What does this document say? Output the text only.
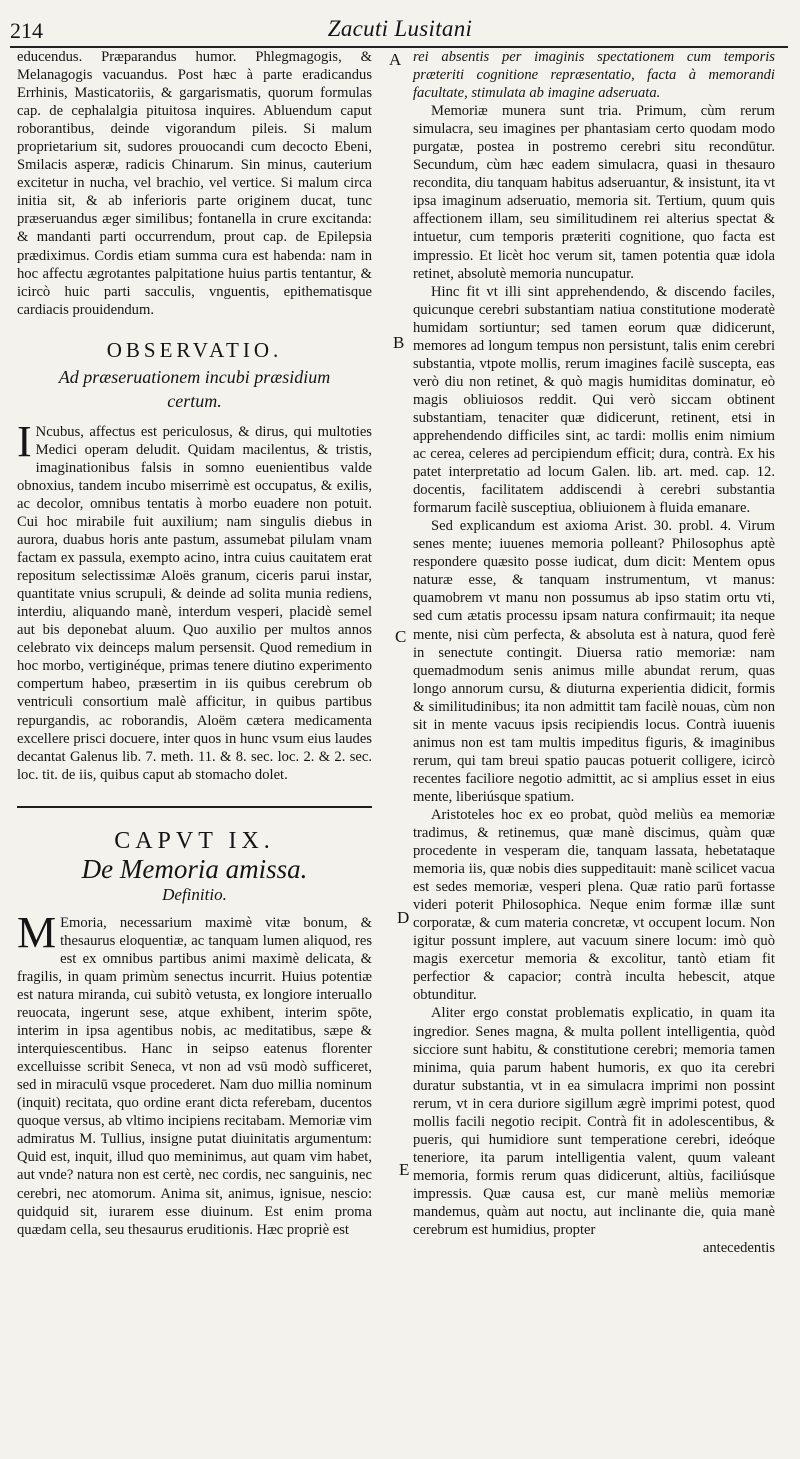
214	Zacuti Lusitani

educendus. Præparandus humor. Phlegmagogis, & Melanagogis vacuandus. Post hæc à parte eradicandus Errhinis, Masticatoriis, & gargarismatis, quorum formulas cap. de cephalalgia pituitosa inquires. Abluendum caput roborantibus, deinde vigorandum pileis. Si malum proprietarium sit, sudores prouocandi cum decocto Ebeni, Smilacis asperæ, radicis Chinarum. Sin minus, cauterium excitetur in nucha, vel brachio, vel vertice. Si malum circa initia sit, & ab inferioris parte originem ducat, tunc præseruandus æger similibus; fontanella in crure excitanda: & mandanti parti occurrendum, prout cap. de Epilepsia prædiximus. Cordis etiam summa cura est habenda: nam in hoc affectu ægrotantes palpitatione huius partis tentantur, & icircò huic parti sacculis, vnguentis, epithematisque cardiacis prouidendum.

OBSERVATIO.
Ad præseruationem incubi præsidium certum.

INcubus, affectus est periculosus, & dirus, qui multoties Medici operam deludit. Quidam macilentus, & tristis, imaginationibus falsis in somno euenientibus valde obnoxius, tandem incubo miserrimè est occupatus, & exilis, ac decolor, omnibus tentatis à morbo euadere non potuit. Cui hoc mirabile fuit auxilium; nam singulis diebus in aurora, duabus horis ante pastum, assumebat pilulam vnam factam ex passula, exempto acino, intra cuius cauitatem erat repositum selectissimæ Aloës granum, ciceris parui instar, quantitate vnius scrupuli, & deinde ad solita munia rediens, interdiu, aliquando manè, interdum vesperi, placidè semel aut bis deponebat aluum. Quo auxilio per multos annos celebrato vix deinceps malum persensit. Quod remedium in hoc morbo, vertiginéque, primas tenere diutino experimento compertum habeo, præsertim in iis quibus cerebrum ob ventriculi consortium malè afficitur, in quibus partibus repurgandis, ac roborandis, Aloëm cætera medicamenta excellere prisci docuere, inter quos in hunc vsum eius laudes decantat Galenus lib. 7. meth. 11. & 8. sec. loc. 2. & 2. sec. loc. tit. de iis, quibus caput ab stomacho dolet.

CAPVT IX.
De Memoria amissa.
Definitio.

MEmoria, necessarium maximè vitæ bonum, & thesaurus eloquentiæ, ac tanquam lumen aliquod, res est ex omnibus partibus animi maximè delicata, & fragilis, in quam primùm senectus incurrit. Huius potentiæ est natura miranda, cui subitò vetusta, ex longiore interuallo reuocata, ingerunt sese, atque exhibent, interim spōte, interim in ipsa agentibus nobis, ac meditatibus, sæpe & interquiescentibus. Hanc in seipso eatenus florenter excelluisse scribit Seneca, vt non ad vsū modò sufficeret, sed in miraculū vsque procederet. Nam duo millia nominum (inquit) recitata, quo ordine erant dicta referebam, ducentos quoque versus, ab vltimo incipiens recitabam. Memoriæ vim admiratus M. Tullius, insigne putat diuinitatis argumentum: Quid est, inquit, illud quo meminimus, aut quam vim habet, aut vnde? natura non est certè, nec cordis, nec sanguinis, nec cerebri, nec atomorum. Anima sit, animus, ignisue, nescio: quidquid sit, iurarem esse diuinum. Est enim proma quædam cella, seu thesaurus eruditionis. Hæc propriè est

A
B
C
D
E

rei absentis per imaginis spectationem cum temporis præteriti cognitione repræsentatio, facta à memorandi facultate, stimulata ab imagine adseruata.

Memoriæ munera sunt tria. Primum, cùm rerum simulacra, seu imagines per phantasiam certo quodam modo purgatæ, postea in postremo cerebri situ recondūtur. Secundum, cùm hæc eadem simulacra, quasi in thesauro recondita, diu tanquam habitus adseruantur, & insistunt, ita vt ipsa imaginum adseruatio, memoria sit. Tertium, quum quis affectionem illam, seu similitudinem rei alterius spectat & intuetur, cum temporis præteriti cognitione, quo facta est impressio. Et licèt hoc verum sit, tamen potentia quæ idola retinet, absolutè memoria nuncupatur.

Hinc fit vt illi sint apprehendendo, & discendo faciles, quicunque cerebri substantiam natiua constitutione moderatè humidam sortiuntur; sed tamen eorum quæ didicerunt, memores ad longum tempus non persistunt, talis enim cerebri substantia, vtpote mollis, rerum imagines facilè suscepta, eas verò diu non retinet, & quò magis humiditas dominatur, eò magis obliuiosos reddit. Qui verò siccam obtinent substantiam, tenaciter quæ didicerunt, retinent, etsi in apprehendendo difficiles sint, ac tardi: mollis enim nimium ac cerea, celeres ad percipiendum efficit; dura, contrà. Ex his patet interpretatio ad locum Galen. lib. art. med. cap. 12. docentis, facilitatem addiscendi à cerebri substantia formarum facilè susceptiua, obliuionem à fluida emanare.

Sed explicandum est axioma Arist. 30. probl. 4. Virum senes mente; iuuenes memoria polleant? Philosophus aptè respondere quæsito posse iudicat, dum dicit: Mentem opus naturæ esse, & tanquam instrumentum, vt manus: quamobrem vt manu non possumus ab ipso statim ortu vti, sed cum ætatis processu ipsam natura confirmauit; ita neque mente, nisi cùm perfecta, & absoluta est à natura, quod ferè in senectute contingit. Diuersa ratio memoriæ: nam quemadmodum senis animus mille abundat rerum, quas longo annorum cursu, & diuturna experientia didicit, formis & similitudinibus; ita non admittit tam facilè nouas, cùm non sit in mente vacuus ipsis recipiendis locus. Contrà iuuenis animus non est tam multis impeditus figuris, & imaginibus rerum, qui tam breui spatio paucas potuerit colligere, icircò recentes faciliore negotio admittit, ac si amplius esset in eius mente, liberiúsque spatium.

Aristoteles hoc ex eo probat, quòd meliùs ea memoriæ tradimus, & retinemus, quæ manè discimus, quàm quæ procedente in vesperam die, tanquam lassata, hebetataque memoria iis, quæ nobis dies suppeditauit: manè scilicet vacua est sedes memoriæ, vesperi plena. Quæ ratio parū fortasse videri poterit Philosophica. Neque enim formæ illæ sunt corporatæ, & cum materia concretæ, vt occupent locum. Non igitur possunt implere, aut vacuum sinere locum: imò quò magis exercetur memoria & excolitur, tantò etiam fit perfectior & capacior; contrà inculta hebescit, atque obtunditur.

Aliter ergo constat problematis explicatio, in quam ita ingredior. Senes magna, & multa pollent intelligentia, quòd sicciore sunt habitu, & constitutione cerebri; memoria tamen minima, quia parum habent humoris, ex quo ita cerebri duratur substantia, vt in ea simulacra imprimi non possint rerum, vt in cera duriore sigillum ægrè imprimi potest, quod mollis facili negotio recipit. Contrà fit in adolescentibus, & pueris, qui humidiore sunt temperatione cerebri, ideóque teneriore, ita parum intelligentia valent, quum valeant memoria, formis rerum quas didicerunt, altiùs, faciliúsque impressis. Quæ causa est, cur manè meliùs memoriæ mandemus, quàm aut noctu, aut inclinante die, quia manè cerebrum est humidius, propter

antecedentis
